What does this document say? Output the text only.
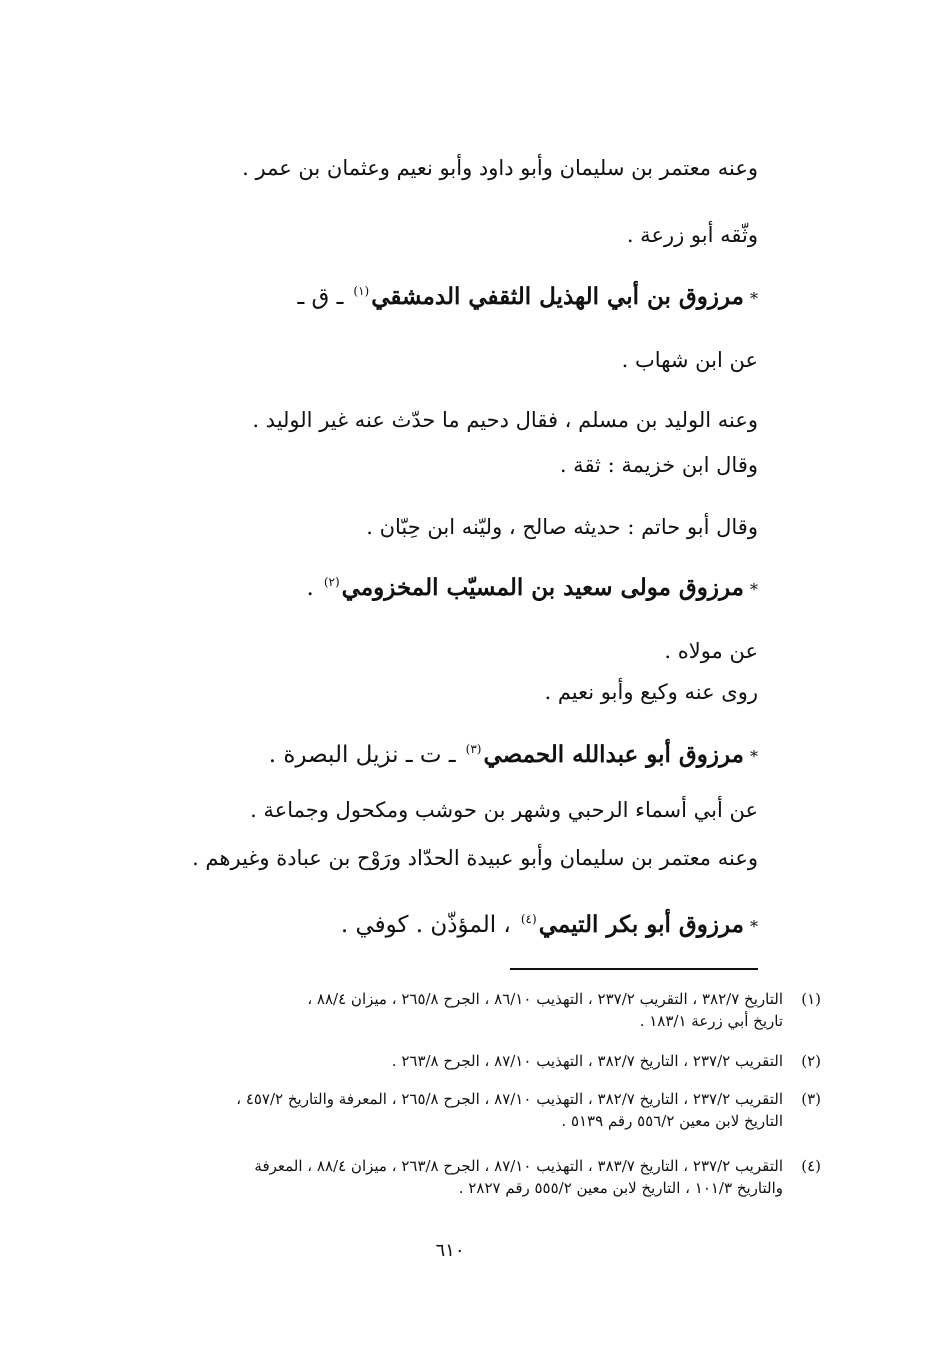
وعنه معتمر بن سليمان وأبو داود وأبو نعيم وعثمان بن عمر .
وثّقه أبو زرعة .
*مرزوق بن أبي الهذيل الثقفي الدمشقي$^{(١)}$ ـ ق ـ
عن ابن شهاب .
وعنه الوليد بن مسلم ، فقال دحيم ما حدّث عنه غير الوليد .
وقال ابن خزيمة : ثقة .
وقال أبو حاتم : حديثه صالح ، وليّنه ابن حِبّان .
*مرزوق مولى سعيد بن المسيّب المخزومي$^{(٢)}$ .
عن مولاه .
روى عنه وكيع وأبو نعيم .
*مرزوق أبو عبدالله الحمصي$^{(٣)}$ ـ ت ـ نزيل البصرة .
عن أبي أسماء الرحبي وشهر بن حوشب ومكحول وجماعة .
وعنه معتمر بن سليمان وأبو عبيدة الحدّاد ورَوْح بن عبادة وغيرهم .
*مرزوق أبو بكر التيمي$^{(٤)}$ ، المؤذّن . كوفي .
(١)
التاريخ ٣٨٢/٧ ، التقريب ٢٣٧/٢ ، التهذيب ٨٦/١٠ ، الجرح ٢٦٥/٨ ، ميزان ٨٨/٤ ،
تاريخ أبي زرعة ١٨٣/١ .
(٢)
التقريب ٢٣٧/٢ ، التاريخ ٣٨٢/٧ ، التهذيب ٨٧/١٠ ، الجرح ٢٦٣/٨ .
(٣)
التقريب ٢٣٧/٢ ، التاريخ ٣٨٢/٧ ، التهذيب ٨٧/١٠ ، الجرح ٢٦٥/٨ ، المعرفة والتاريخ ٤٥٧/٢ ،
التاريخ لابن معين ٥٥٦/٢ رقم ٥١٣٩ .
(٤)
التقريب ٢٣٧/٢ ، التاريخ ٣٨٣/٧ ، التهذيب ٨٧/١٠ ، الجرح ٢٦٣/٨ ، ميزان ٨٨/٤ ، المعرفة
والتاريخ ١٠١/٣ ، التاريخ لابن معين ٥٥٥/٢ رقم ٢٨٢٧ .
٦١٠
